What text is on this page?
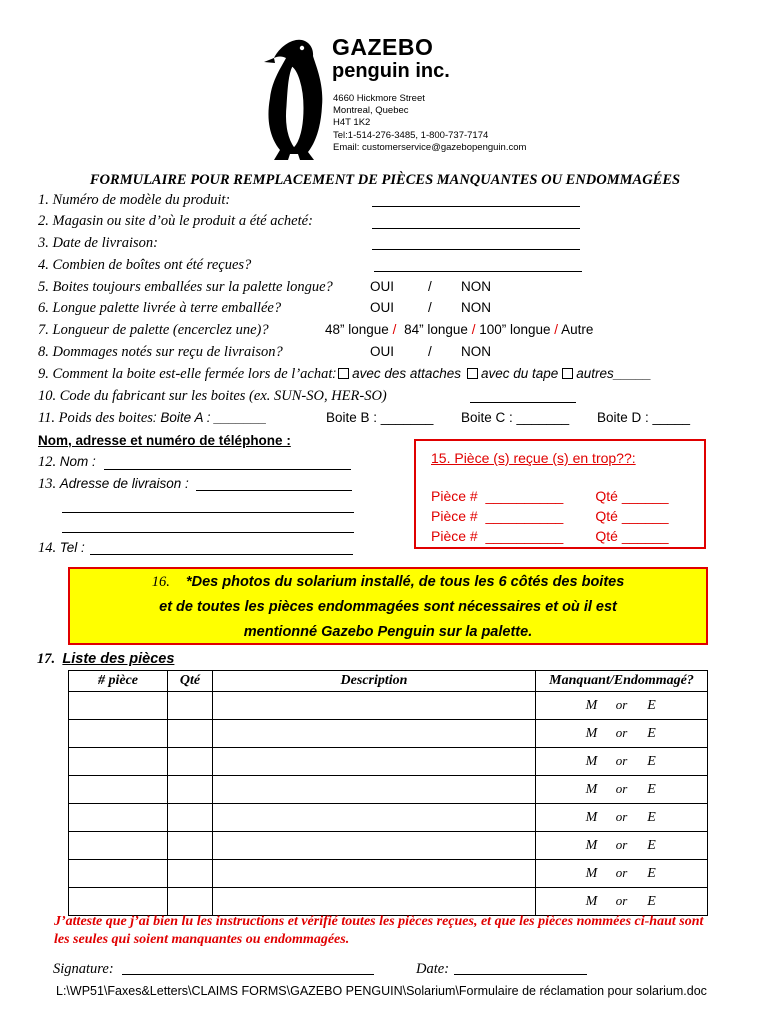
GAZEBO
penguin inc.
4660 Hickmore Street
Montreal, Quebec
H4T 1K2
Tel:1-514-276-3485, 1-800-737-7174
Email: customerservice@gazebopenguin.com
FORMULAIRE POUR REMPLACEMENT DE PIÈCES MANQUANTES OU ENDOMMAGÉES
1. Numéro de modèle du produit:
2. Magasin ou site d’où le produit a été acheté:
3. Date de livraison:
4. Combien de boîtes ont été reçues?
5. Boites toujours emballées sur la palette longue?	OUI	/ NON
6. Longue palette livrée à terre emballée?	OUI	/ NON
7. Longueur de palette (encerclez une)?	48” longue / 84” longue / 100” longue / Autre
8. Dommages notés sur reçu de livraison?	OUI	/ NON
9. Comment la boite est-elle fermée lors de l’achat: avec des attaches avec du tape autres_____
10. Code du fabricant sur les boites (ex. SUN-SO, HER-SO)
11. Poids des boites: Boite A : _______	Boite B : _______ Boite C : _______ Boite D : _____
Nom, adresse et numéro de téléphone :
12. Nom :
13. Adresse de livraison :
14. Tel :
15. Pièce (s) reçue (s) en trop??:
Pièce # __________ Qté ______
Pièce # __________ Qté ______
Pièce # __________ Qté ______
16. *Des photos du solarium installé, de tous les 6 côtés des boites
et de toutes les pièces endommagées sont nécessaires et où il est
mentionné Gazebo Penguin sur la palette.
17. Liste des pièces
# pièce	Qté	Description	Manquant/Endommagé?
			M or E
			M or E
			M or E
			M or E
			M or E
			M or E
			M or E
			M or E
J’atteste que j’ai bien lu les instructions et vérifié toutes les pièces reçues, et que les pièces nommées ci-haut sont les seules qui soient manquantes ou endommagées.
Signature:	Date:
L:\WP51\Faxes&Letters\CLAIMS FORMS\GAZEBO PENGUIN\Solarium\Formulaire de réclamation pour solarium.doc
